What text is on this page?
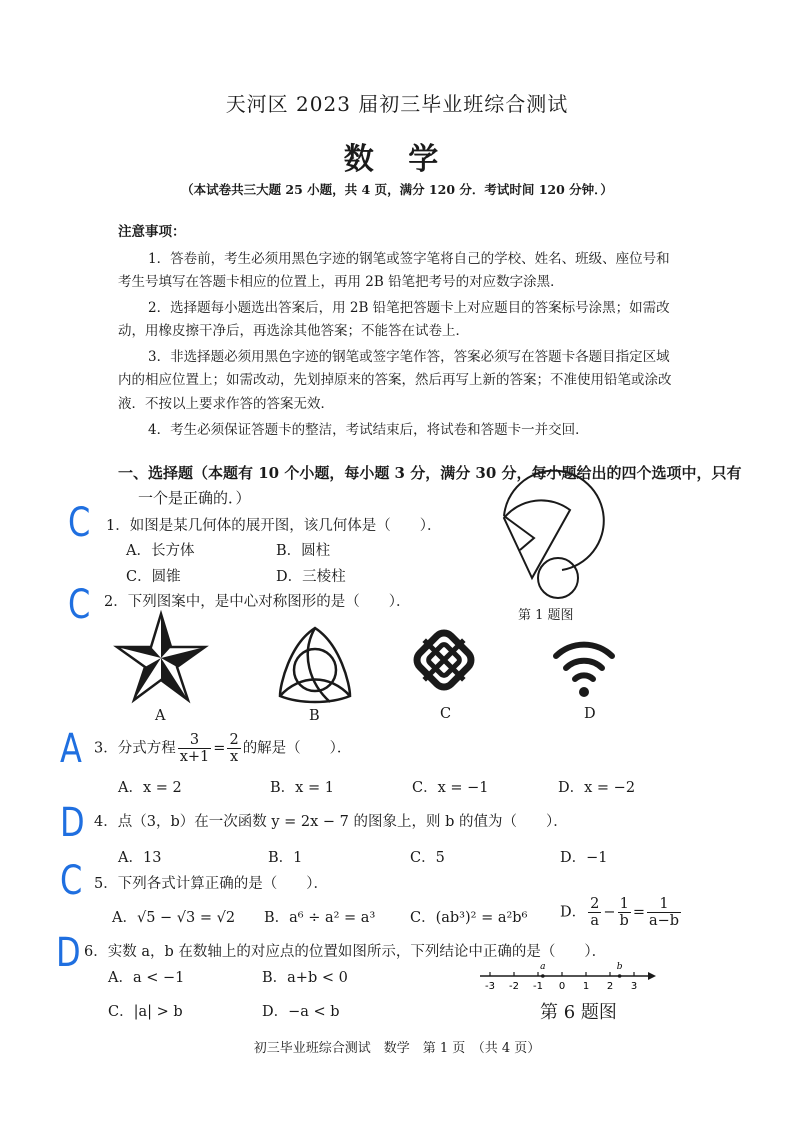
天河区 2023 届初三毕业班综合测试
数 学
（本试卷共三大题 25 小题，共 4 页，满分 120 分．考试时间 120 分钟．）
注意事项：
1．答卷前，考生必须用黑色字迹的钢笔或签字笔将自己的学校、姓名、班级、座位号和
考生号填写在答题卡相应的位置上，再用 2B 铅笔把考号的对应数字涂黑．
2．选择题每小题选出答案后，用 2B 铅笔把答题卡上对应题目的答案标号涂黑；如需改
动，用橡皮擦干净后，再选涂其他答案；不能答在试卷上．
3．非选择题必须用黑色字迹的钢笔或签字笔作答，答案必须写在答题卡各题目指定区域
内的相应位置上；如需改动，先划掉原来的答案，然后再写上新的答案；不准使用铅笔或涂改
液．不按以上要求作答的答案无效．
4．考生必须保证答题卡的整洁，考试结束后，将试卷和答题卡一并交回．
一、选择题（本题有 10 个小题，每小题 3 分，满分 30 分，每小题给出的四个选项中，只有
一个是正确的．）
C 1．如图是某几何体的展开图，该几何体是（　　）．
A．长方体	B．圆柱
C．圆锥	D．三棱柱
第 1 题图
C 2．下列图案中，是中心对称图形的是（　　）．
A	B	C	D
A 3．分式方程 $\frac{3}{x+1} = \frac{2}{x}$ 的解是（　　）．
A．x = 2	B．x = 1	C．x = −1	D．x = −2
D 4．点（3，b）在一次函数 y = 2x − 7 的图象上，则 b 的值为（　　）．
A．13	B．1	C．5	D．−1
C 5．下列各式计算正确的是（　　）．
A．√5 − √3 = √2 B．a⁶ ÷ a² = a³ C．(ab³)² = a²b⁶ D． $\frac{2}{a} - \frac{1}{b} = \frac{1}{a-b}$
D 6．实数 a，b 在数轴上的对应点的位置如图所示，下列结论中正确的是（　　）．
A．a < −1	B．a+b < 0
C．|a| > b	D．−a < b
-3 -2 -1 0 1 2 3
a	b
第 6 题图
初三毕业班综合测试　数学　第 1 页　（共 4 页）
